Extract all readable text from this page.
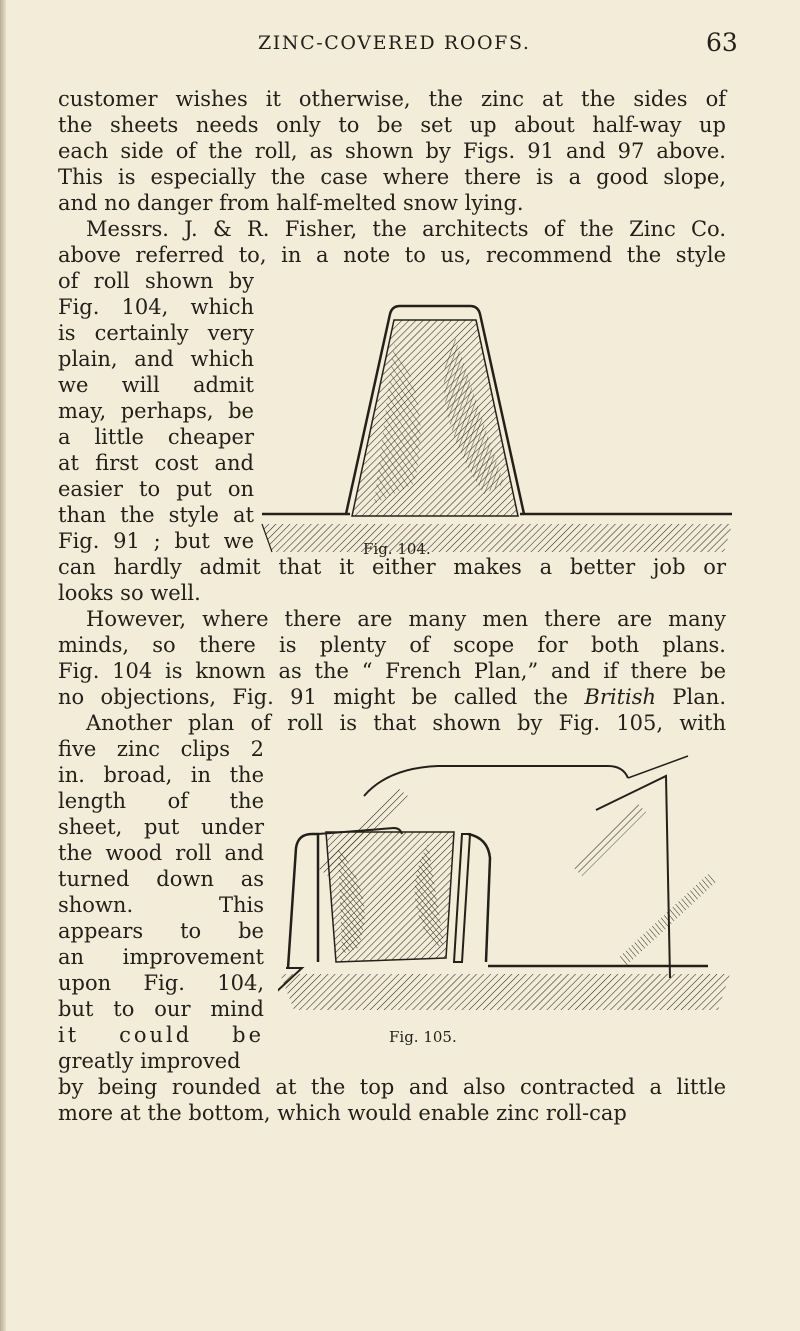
ZINC-COVERED ROOFS.	63
customer wishes it otherwise, the zinc at the sides of
the sheets needs only to be set up about half-way up
each side of the roll, as shown by Figs. 91 and 97 above.
This is especially the case where there is a good slope,
and no danger from half-melted snow lying.
Messrs. J. & R. Fisher, the architects of the Zinc Co.
above referred to, in a note to us, recommend the style
of roll shown by
Fig. 104, which
is certainly very
plain, and which
we will admit
may, perhaps, be
a little cheaper
at first cost and
easier to put on
than the style at
Fig. 91 ; but we
can hardly admit that it either makes a better job or
looks so well.
However, where there are many men there are many
minds, so there is plenty of scope for both plans.
Fig. 104 is known as the “ French Plan,” and if there be
no objections, Fig. 91 might be called the British Plan.
Another plan of roll is that shown by Fig. 105, with
five zinc clips 2
in. broad, in the
length of the
sheet, put under
the wood roll and
turned down as
shown. This
appears to be
an improvement
upon Fig. 104,
but to our mind
it could be
greatly improved
by being rounded at the top and also contracted a little
more at the bottom, which would enable zinc roll-cap
Fig. 104.
Fig. 105.
